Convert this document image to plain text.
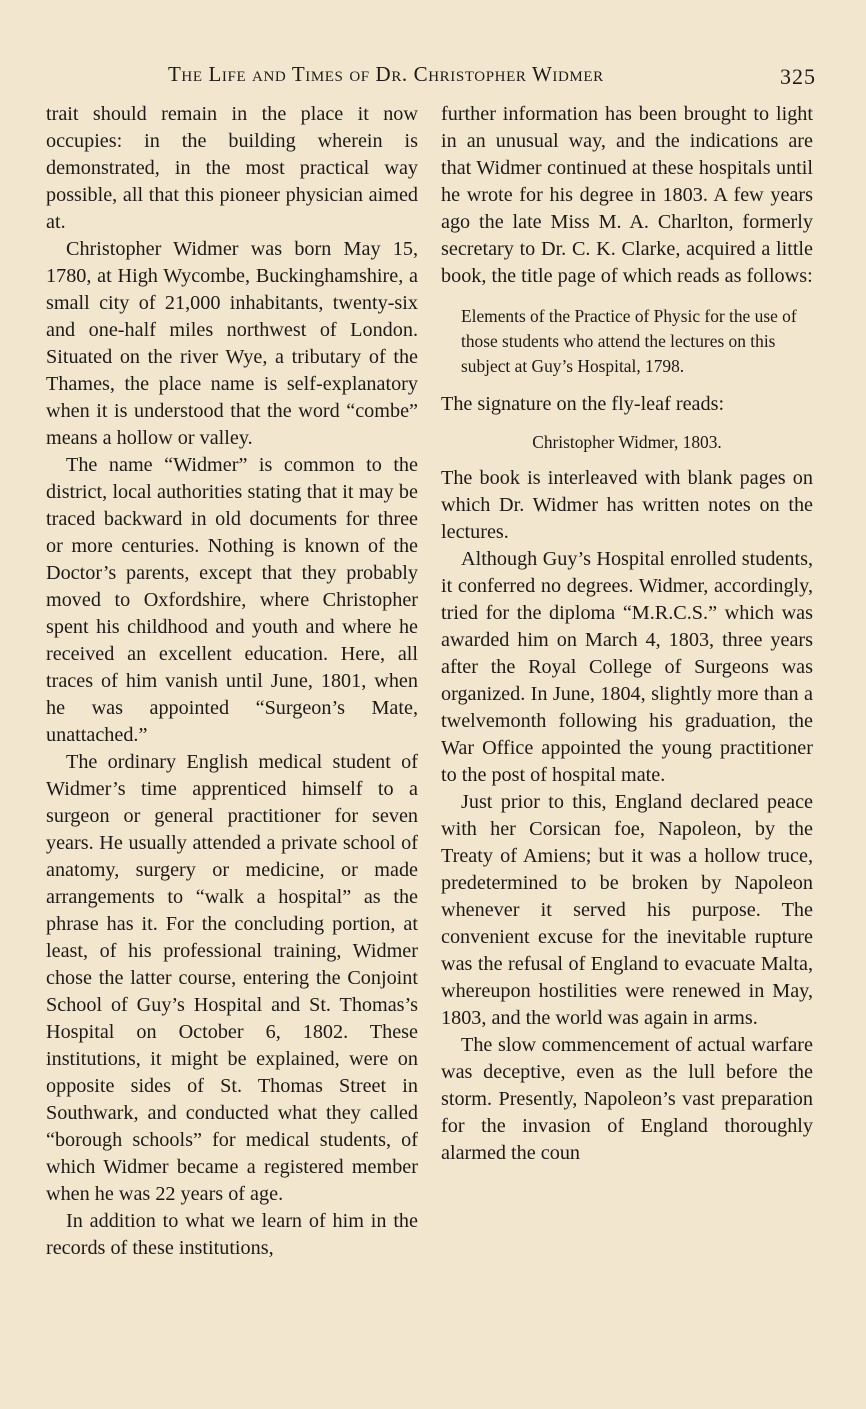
The Life and Times of Dr. Christopher Widmer	325

trait should remain in the place it now occupies: in the building wherein is demonstrated, in the most practical way possible, all that this pioneer physician aimed at.

Christopher Widmer was born May 15, 1780, at High Wycombe, Buckinghamshire, a small city of 21,000 inhabitants, twenty-six and one-half miles northwest of London. Situated on the river Wye, a tributary of the Thames, the place name is self-explanatory when it is understood that the word “combe” means a hollow or valley.

The name “Widmer” is common to the district, local authorities stating that it may be traced backward in old documents for three or more centuries. Nothing is known of the Doctor’s parents, except that they probably moved to Oxfordshire, where Christopher spent his childhood and youth and where he received an excellent education. Here, all traces of him vanish until June, 1801, when he was appointed “Surgeon’s Mate, unattached.”

The ordinary English medical student of Widmer’s time apprenticed himself to a surgeon or general practitioner for seven years. He usually attended a private school of anatomy, surgery or medicine, or made arrangements to “walk a hospital” as the phrase has it. For the concluding portion, at least, of his professional training, Widmer chose the latter course, entering the Conjoint School of Guy’s Hospital and St. Thomas’s Hospital on October 6, 1802. These institutions, it might be explained, were on opposite sides of St. Thomas Street in Southwark, and conducted what they called “borough schools” for medical students, of which Widmer became a registered member when he was 22 years of age.

In addition to what we learn of him in the records of these institutions,

further information has been brought to light in an unusual way, and the indications are that Widmer continued at these hospitals until he wrote for his degree in 1803. A few years ago the late Miss M. A. Charlton, formerly secretary to Dr. C. K. Clarke, acquired a little book, the title page of which reads as follows:

Elements of the Practice of Physic for the use of those students who attend the lectures on this subject at Guy’s Hospital, 1798.

The signature on the fly-leaf reads:

Christopher Widmer, 1803.

The book is interleaved with blank pages on which Dr. Widmer has written notes on the lectures.

Although Guy’s Hospital enrolled students, it conferred no degrees. Widmer, accordingly, tried for the diploma “M.R.C.S.” which was awarded him on March 4, 1803, three years after the Royal College of Surgeons was organized. In June, 1804, slightly more than a twelvemonth following his graduation, the War Office appointed the young practitioner to the post of hospital mate.

Just prior to this, England declared peace with her Corsican foe, Napoleon, by the Treaty of Amiens; but it was a hollow truce, predetermined to be broken by Napoleon whenever it served his purpose. The convenient excuse for the inevitable rupture was the refusal of England to evacuate Malta, whereupon hostilities were renewed in May, 1803, and the world was again in arms.

The slow commencement of actual warfare was deceptive, even as the lull before the storm. Presently, Napoleon’s vast preparation for the invasion of England thoroughly alarmed the coun
